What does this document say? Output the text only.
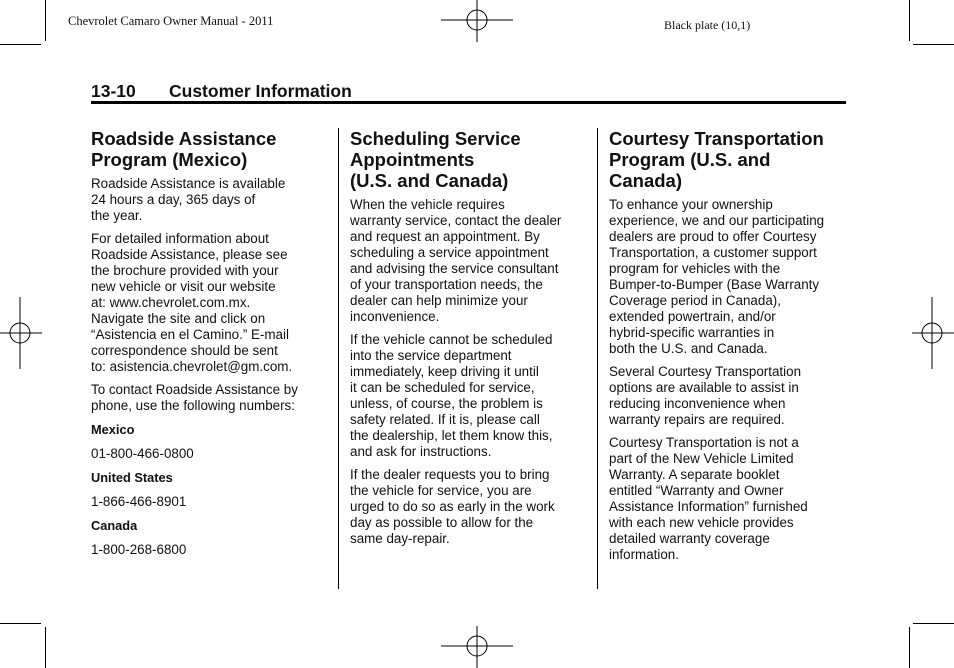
Chevrolet Camaro Owner Manual - 2011	Black plate (10,1)
13-10 Customer Information
Roadside Assistance
Program (Mexico)
Roadside Assistance is available
24 hours a day, 365 days of
the year.
For detailed information about
Roadside Assistance, please see
the brochure provided with your
new vehicle or visit our website
at: www.chevrolet.com.mx.
Navigate the site and click on
“Asistencia en el Camino.” E-mail
correspondence should be sent
to: asistencia.chevrolet@gm.com.
To contact Roadside Assistance by
phone, use the following numbers:
Mexico
01-800-466-0800
United States
1-866-466-8901
Canada
1-800-268-6800
Scheduling Service
Appointments
(U.S. and Canada)
When the vehicle requires
warranty service, contact the dealer
and request an appointment. By
scheduling a service appointment
and advising the service consultant
of your transportation needs, the
dealer can help minimize your
inconvenience.
If the vehicle cannot be scheduled
into the service department
immediately, keep driving it until
it can be scheduled for service,
unless, of course, the problem is
safety related. If it is, please call
the dealership, let them know this,
and ask for instructions.
If the dealer requests you to bring
the vehicle for service, you are
urged to do so as early in the work
day as possible to allow for the
same day-repair.
Courtesy Transportation
Program (U.S. and
Canada)
To enhance your ownership
experience, we and our participating
dealers are proud to offer Courtesy
Transportation, a customer support
program for vehicles with the
Bumper-to-Bumper (Base Warranty
Coverage period in Canada),
extended powertrain, and/or
hybrid-specific warranties in
both the U.S. and Canada.
Several Courtesy Transportation
options are available to assist in
reducing inconvenience when
warranty repairs are required.
Courtesy Transportation is not a
part of the New Vehicle Limited
Warranty. A separate booklet
entitled “Warranty and Owner
Assistance Information” furnished
with each new vehicle provides
detailed warranty coverage
information.
